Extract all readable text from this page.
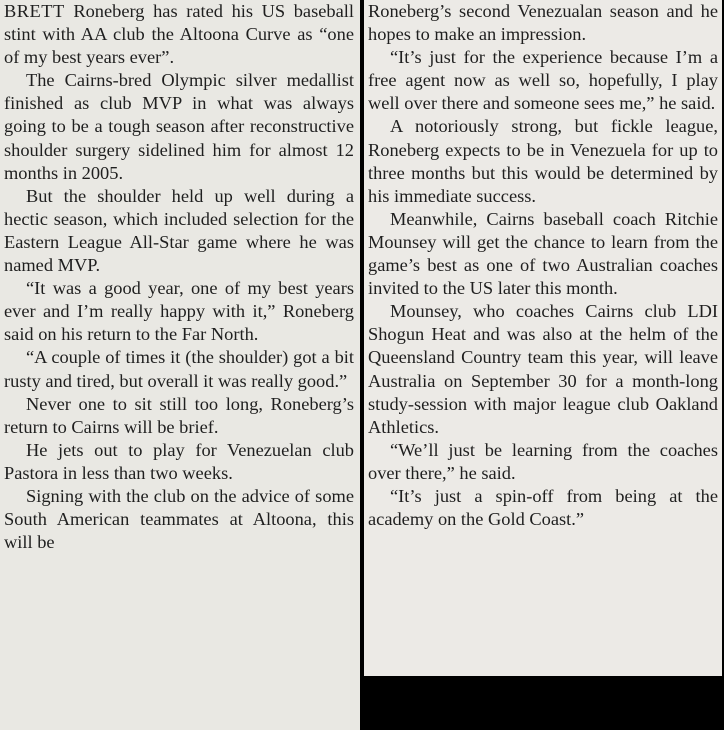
BRETT Roneberg has rated his US baseball stint with AA club the Altoona Curve as “one of my best years ever”.

The Cairns-bred Olympic silver medallist finished as club MVP in what was always going to be a tough season after reconstructive shoulder surgery sidelined him for almost 12 months in 2005.

But the shoulder held up well during a hectic season, which included selection for the Eastern League All-Star game where he was named MVP.

“It was a good year, one of my best years ever and I’m really happy with it,” Roneberg said on his return to the Far North.

“A couple of times it (the shoulder) got a bit rusty and tired, but overall it was really good.”

Never one to sit still too long, Roneberg’s return to Cairns will be brief.

He jets out to play for Venezuelan club Pastora in less than two weeks.

Signing with the club on the advice of some South American teammates at Altoona, this will be

Roneberg’s second Venezualan season and he hopes to make an impression.

“It’s just for the experience because I’m a free agent now as well so, hopefully, I play well over there and someone sees me,” he said.

A notoriously strong, but fickle league, Roneberg expects to be in Venezuela for up to three months but this would be determined by his immediate success.

Meanwhile, Cairns baseball coach Ritchie Mounsey will get the chance to learn from the game’s best as one of two Australian coaches invited to the US later this month.

Mounsey, who coaches Cairns club LDI Shogun Heat and was also at the helm of the Queensland Country team this year, will leave Australia on September 30 for a month-long study-session with major league club Oakland Athletics.

“We’ll just be learning from the coaches over there,” he said.

“It’s just a spin-off from being at the academy on the Gold Coast.”
